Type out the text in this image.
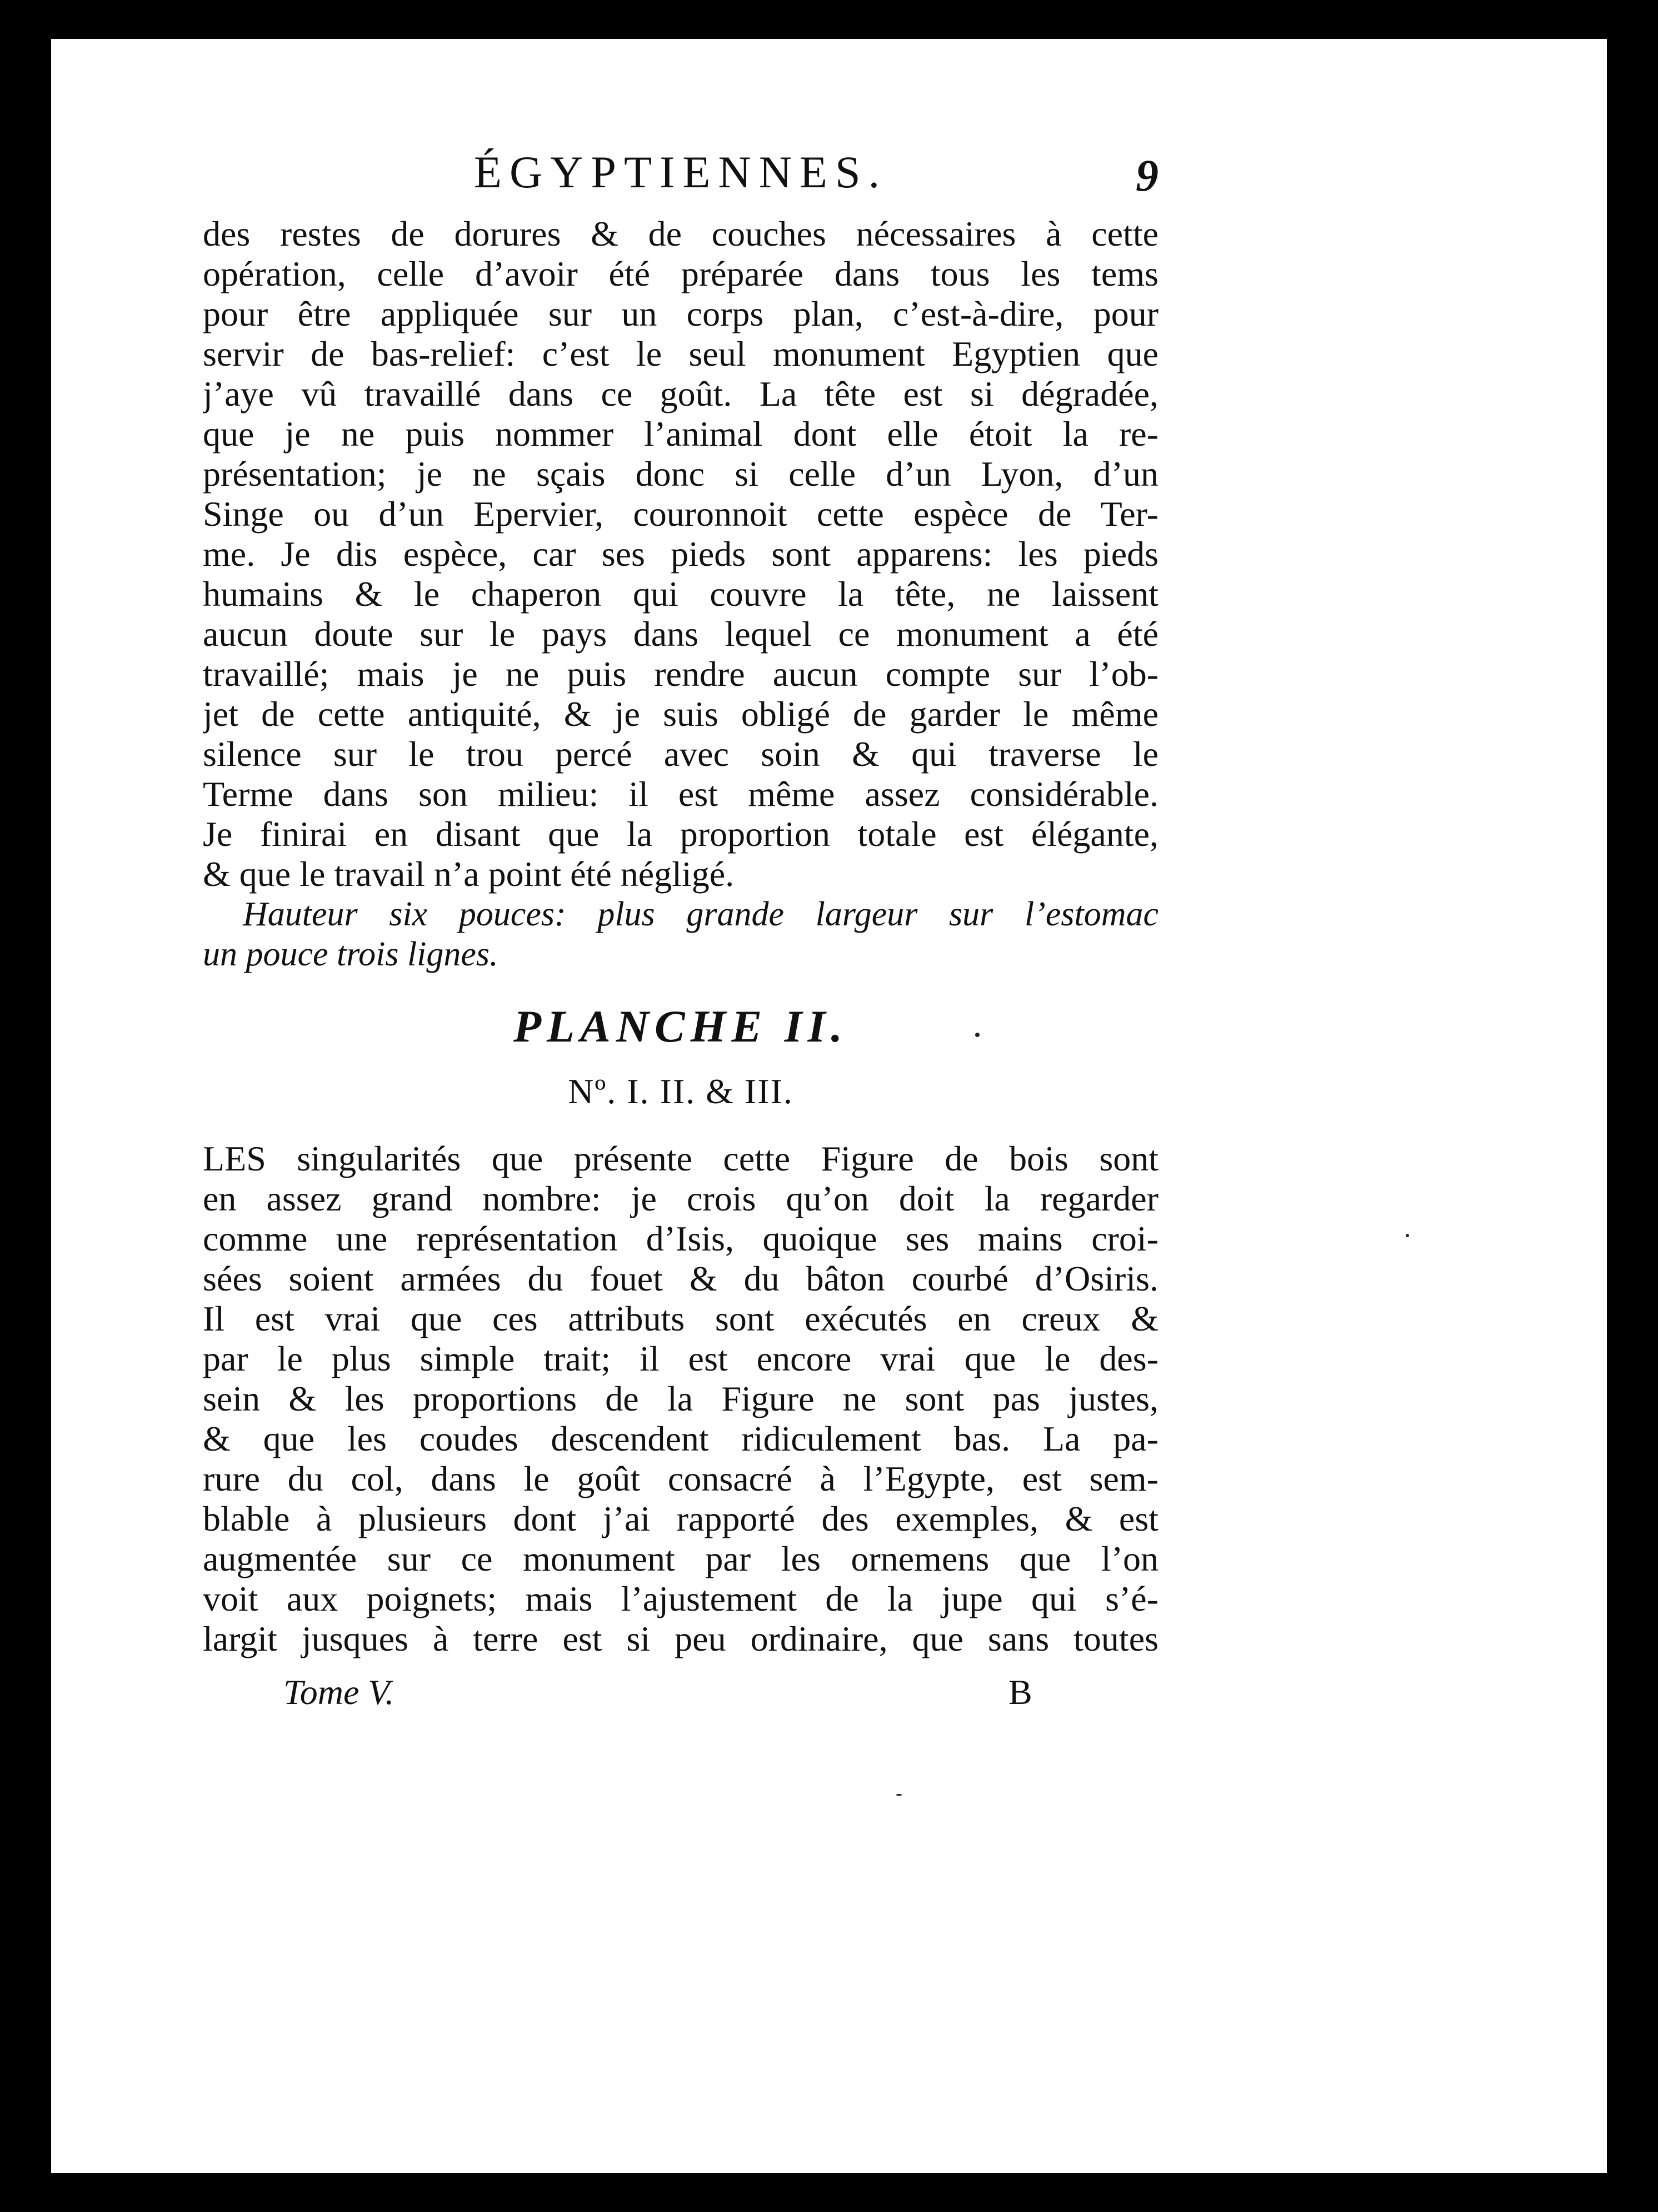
ÉGYPTIENNES.	9
des restes de dorures & de couches nécessaires à cette
opération, celle d’avoir été préparée dans tous les tems
pour être appliquée sur un corps plan, c’est-à-dire, pour
servir de bas-relief: c’est le seul monument Egyptien que
j’aye vû travaillé dans ce goût. La tête est si dégradée,
que je ne puis nommer l’animal dont elle étoit la re-
présentation; je ne sçais donc si celle d’un Lyon, d’un
Singe ou d’un Epervier, couronnoit cette espèce de Ter-
me. Je dis espèce, car ses pieds sont apparens: les pieds
humains & le chaperon qui couvre la tête, ne laissent
aucun doute sur le pays dans lequel ce monument a été
travaillé; mais je ne puis rendre aucun compte sur l’ob-
jet de cette antiquité, & je suis obligé de garder le même
silence sur le trou percé avec soin & qui traverse le
Terme dans son milieu: il est même assez considérable.
Je finirai en disant que la proportion totale est élégante,
& que le travail n’a point été négligé.
Hauteur six pouces: plus grande largeur sur l’estomac
un pouce trois lignes.
PLANCHE II.
Nº. I. II. & III.
LES singularités que présente cette Figure de bois sont
en assez grand nombre: je crois qu’on doit la regarder
comme une représentation d’Isis, quoique ses mains croi-
sées soient armées du fouet & du bâton courbé d’Osiris.
Il est vrai que ces attributs sont exécutés en creux &
par le plus simple trait; il est encore vrai que le des-
sein & les proportions de la Figure ne sont pas justes,
& que les coudes descendent ridiculement bas. La pa-
rure du col, dans le goût consacré à l’Egypte, est sem-
blable à plusieurs dont j’ai rapporté des exemples, & est
augmentée sur ce monument par les ornemens que l’on
voit aux poignets; mais l’ajustement de la jupe qui s’é-
largit jusques à terre est si peu ordinaire, que sans toutes
Tome V.	B
